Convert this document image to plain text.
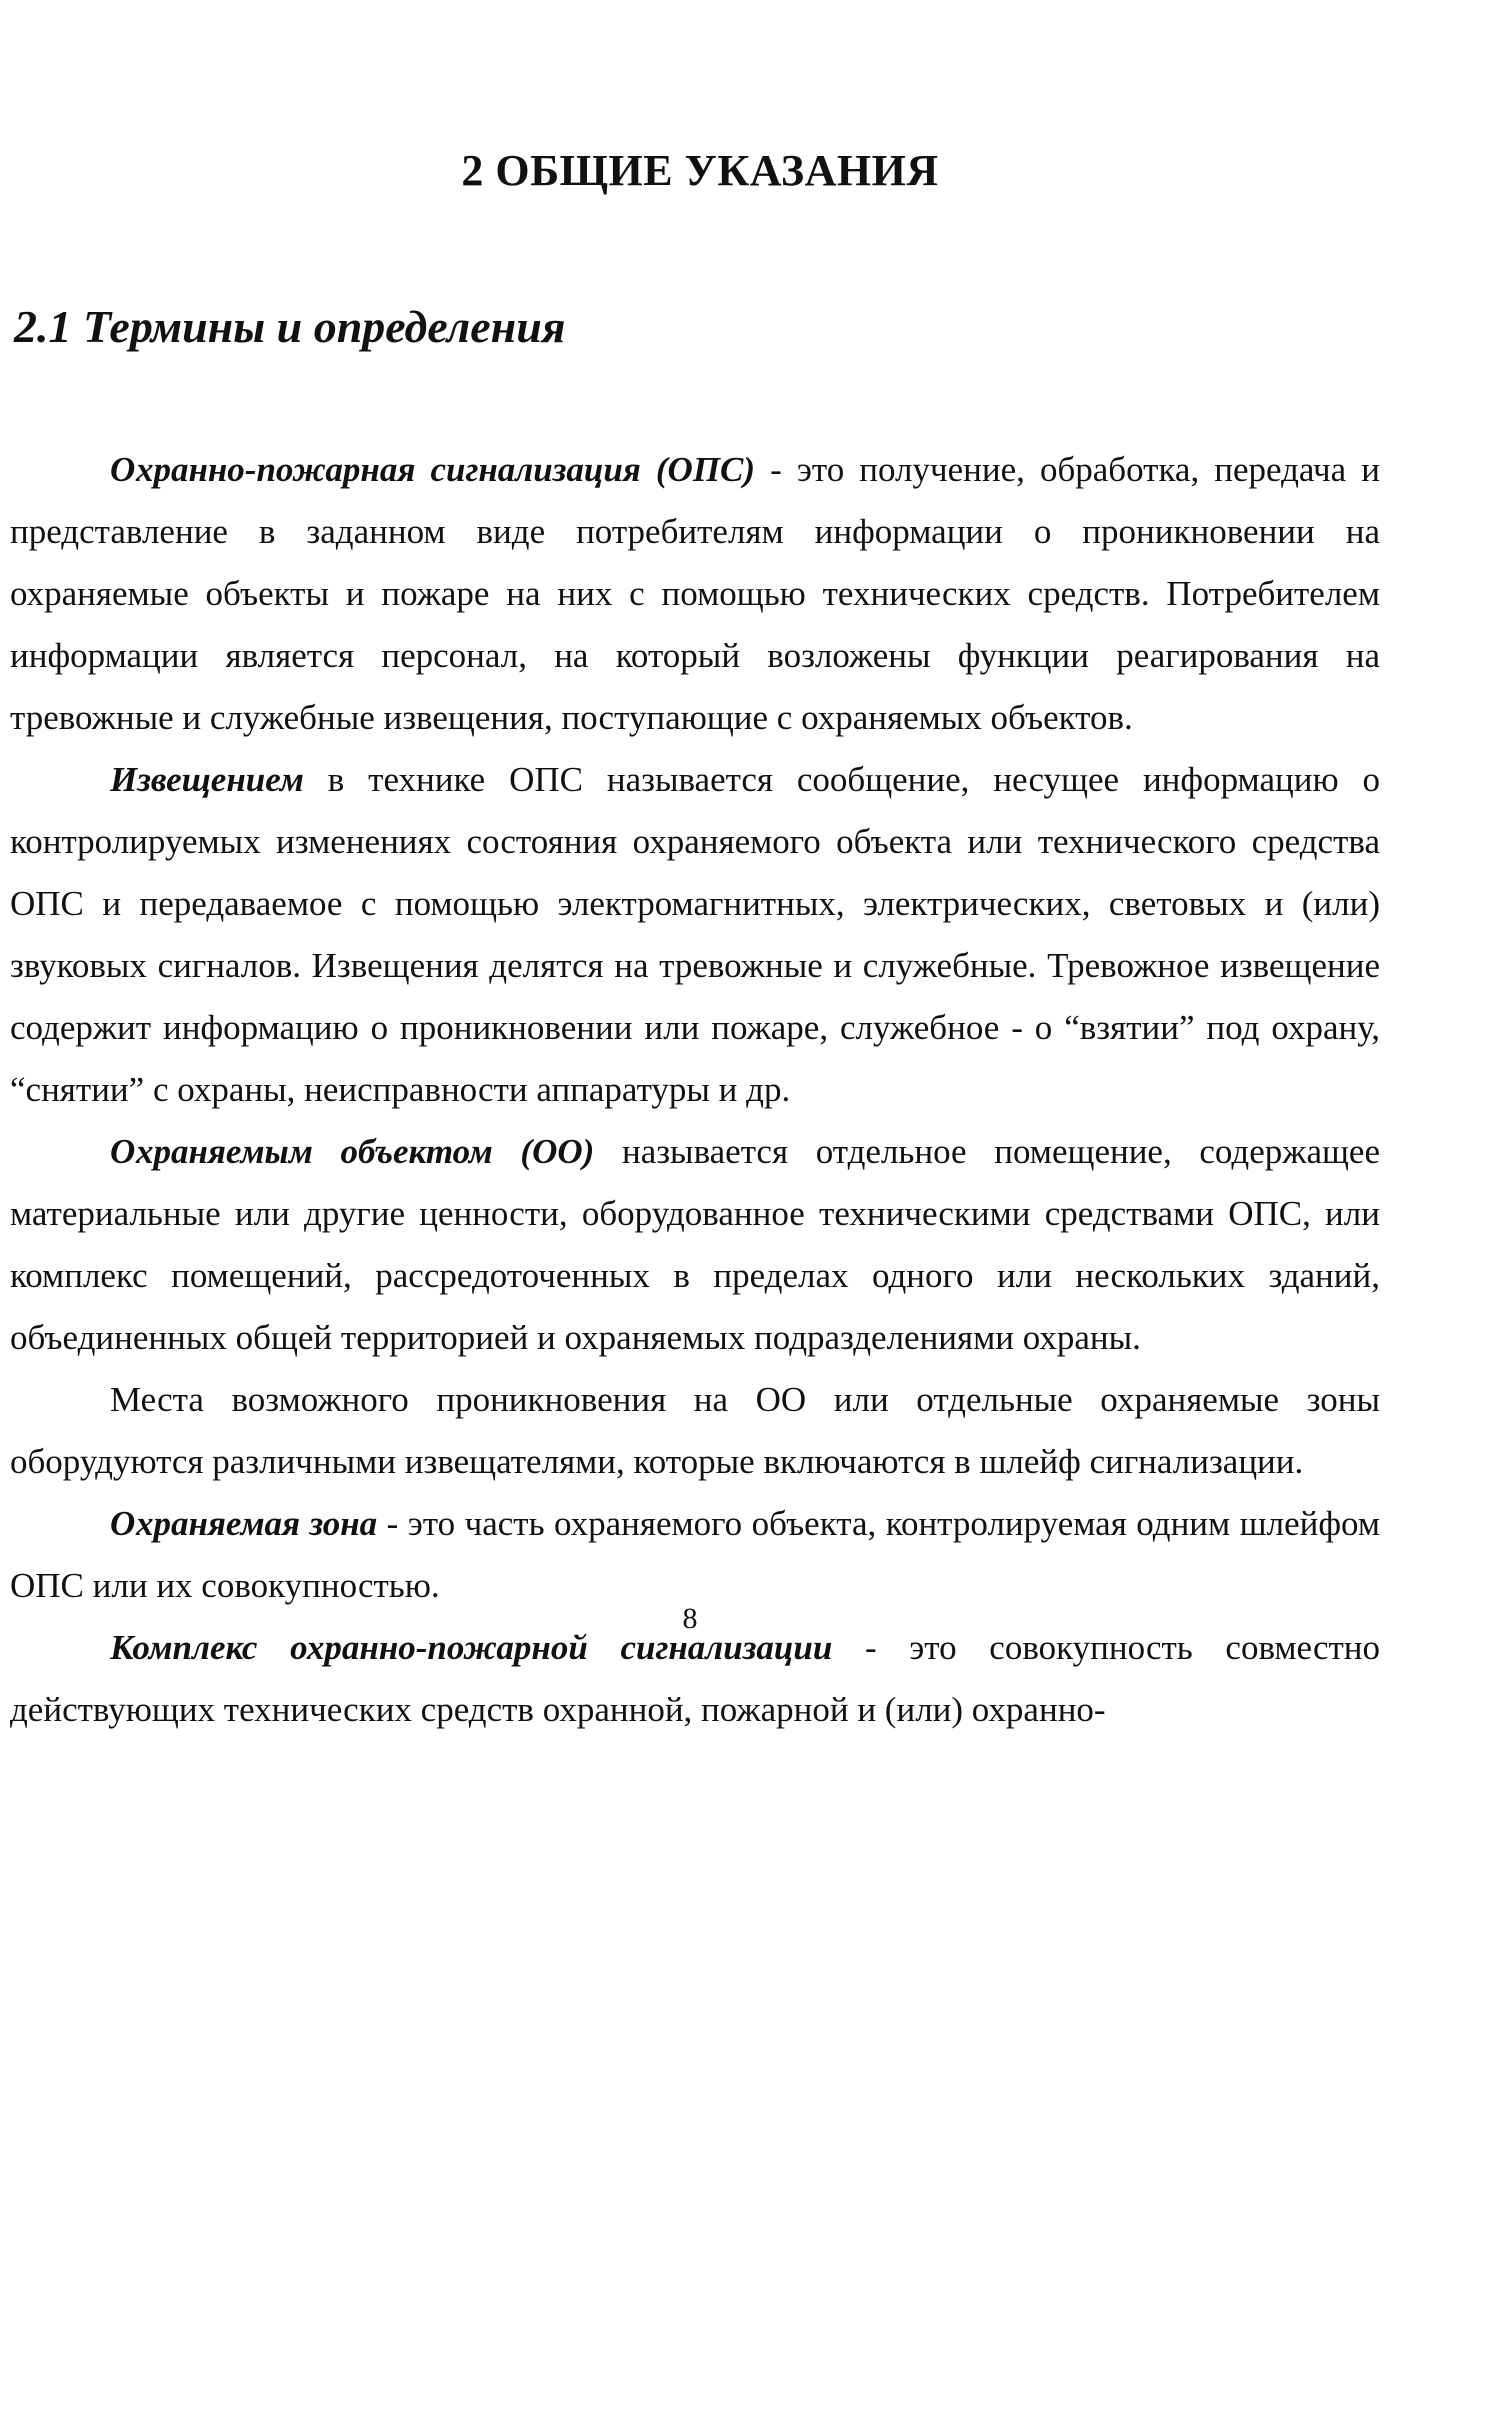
2 ОБЩИЕ УКАЗАНИЯ
2.1 Термины и определения

Охранно-пожарная сигнализация (ОПС) - это получение, обработка, передача и представление в заданном виде потребителям информации о проникновении на охраняемые объекты и пожаре на них с помощью технических средств. Потребителем информации является персонал, на который возложены функции реагирования на тревожные и служебные извещения, поступающие с охраняемых объектов.

Извещением в технике ОПС называется сообщение, несущее информацию о контролируемых изменениях состояния охраняемого объекта или технического средства ОПС и передаваемое с помощью электромагнитных, электрических, световых и (или) звуковых сигналов. Извещения делятся на тревожные и служебные. Тревожное извещение содержит информацию о проникновении или пожаре, служебное - о “взятии” под охрану, “снятии” с охраны, неисправности аппаратуры и др.

Охраняемым объектом (ОО) называется отдельное помещение, содержащее материальные или другие ценности, оборудованное техническими средствами ОПС, или комплекс помещений, рассредоточенных в пределах одного или нескольких зданий, объединенных общей территорией и охраняемых подразделениями охраны.

Места возможного проникновения на ОО или отдельные охраняемые зоны оборудуются различными извещателями, которые включаются в шлейф сигнализации.

Охраняемая зона - это часть охраняемого объекта, контролируемая одним шлейфом ОПС или их совокупностью.

Комплекс охранно-пожарной сигнализации - это совокупность совместно действующих технических средств охранной, пожарной и (или) охранно-

8
